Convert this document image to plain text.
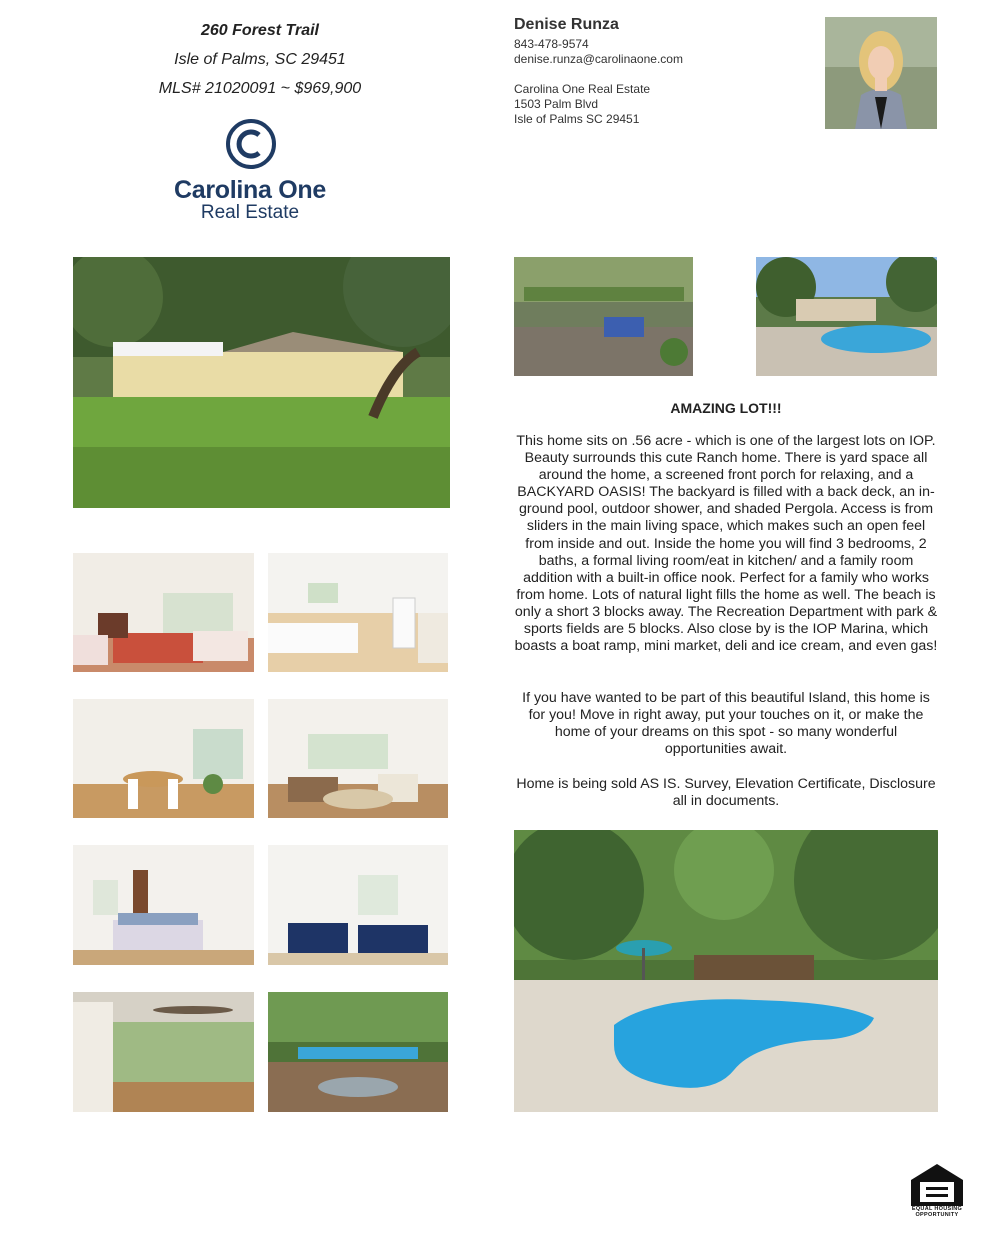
260 Forest Trail
Isle of Palms, SC 29451
MLS# 21020091 ~ $969,900
Carolina One
Real Estate
Denise Runza
843-478-9574
denise.runza@carolinaone.com
Carolina One Real Estate
1503 Palm Blvd
Isle of Palms SC 29451
AMAZING LOT!!!
This home sits on .56 acre - which is one of the largest lots on IOP. Beauty surrounds this cute Ranch home. There is yard space all around the home, a screened front porch for relaxing, and a BACKYARD OASIS! The backyard is filled with a back deck, an in-ground pool, outdoor shower, and shaded Pergola. Access is from sliders in the main living space, which makes such an open feel from inside and out. Inside the home you will find 3 bedrooms, 2 baths, a formal living room/eat in kitchen/ and a family room addition with a built-in office nook. Perfect for a family who works from home. Lots of natural light fills the home as well. The beach is only a short 3 blocks away. The Recreation Department with park & sports fields are 5 blocks. Also close by is the IOP Marina, which boasts a boat ramp, mini market, deli and ice cream, and even gas!
If you have wanted to be part of this beautiful Island, this home is for you! Move in right away, put your touches on it, or make the home of your dreams on this spot - so many wonderful opportunities await.
Home is being sold AS IS. Survey, Elevation Certificate, Disclosure all in documents.
EQUAL HOUSING
OPPORTUNITY
